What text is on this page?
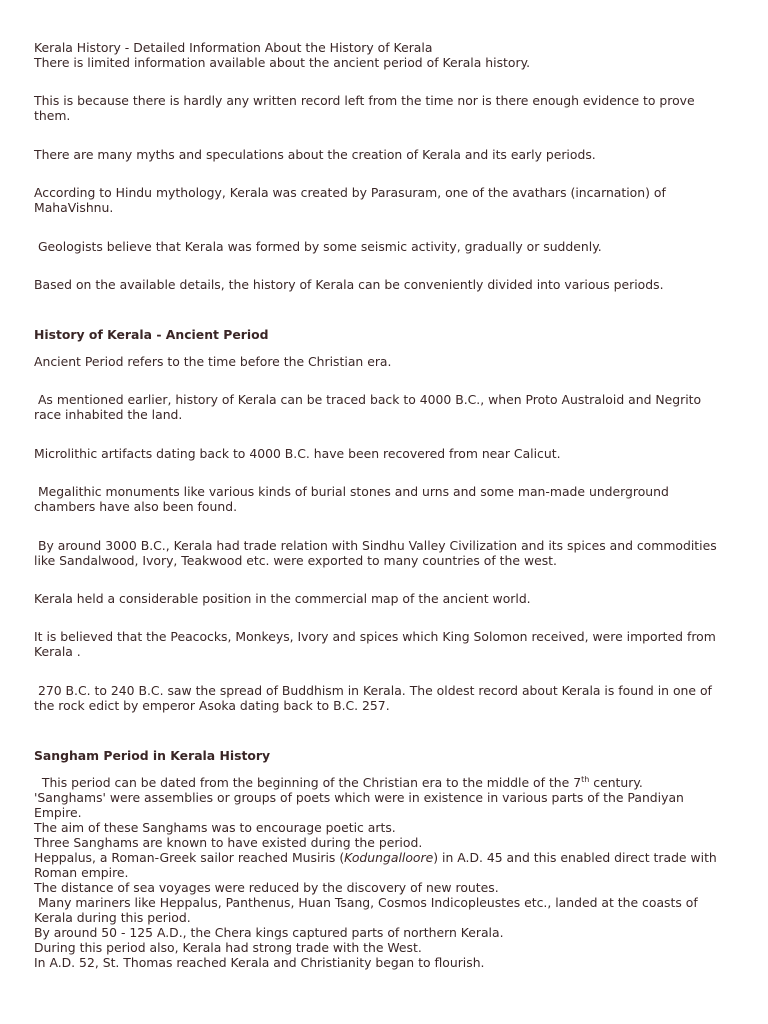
Kerala History - Detailed Information About the History of Kerala

There is limited information available about the ancient period of Kerala history.

This is because there is hardly any written record left from the time nor is there enough evidence to prove them.

There are many myths and speculations about the creation of Kerala and its early periods.

According to Hindu mythology, Kerala was created by Parasuram, one of the avathars (incarnation) of MahaVishnu.

Geologists believe that Kerala was formed by some seismic activity, gradually or suddenly.

Based on the available details, the history of Kerala can be conveniently divided into various periods.

History of Kerala - Ancient Period

Ancient Period refers to the time before the Christian era.

As mentioned earlier, history of Kerala can be traced back to 4000 B.C., when Proto Australoid and Negrito race inhabited the land.

Microlithic artifacts dating back to 4000 B.C. have been recovered from near Calicut.

Megalithic monuments like various kinds of burial stones and urns and some man-made underground chambers have also been found.

By around 3000 B.C., Kerala had trade relation with Sindhu Valley Civilization and its spices and commodities like Sandalwood, Ivory, Teakwood etc. were exported to many countries of the west.

Kerala held a considerable position in the commercial map of the ancient world.

It is believed that the Peacocks, Monkeys, Ivory and spices which King Solomon received, were imported from Kerala .

270 B.C. to 240 B.C. saw the spread of Buddhism in Kerala. The oldest record about Kerala is found in one of the rock edict by emperor Asoka dating back to B.C. 257.

Sangham Period in Kerala History

This period can be dated from the beginning of the Christian era to the middle of the 7th century.

'Sanghams' were assemblies or groups of poets which were in existence in various parts of the Pandiyan Empire.

The aim of these Sanghams was to encourage poetic arts.

Three Sanghams are known to have existed during the period.

Heppalus, a Roman-Greek sailor reached Musiris (Kodungalloore) in A.D. 45 and this enabled direct trade with Roman empire.

The distance of sea voyages were reduced by the discovery of new routes.

Many mariners like Heppalus, Panthenus, Huan Tsang, Cosmos Indicopleustes etc., landed at the coasts of Kerala during this period.

By around 50 - 125 A.D., the Chera kings captured parts of northern Kerala.

During this period also, Kerala had strong trade with the West.

In A.D. 52, St. Thomas reached Kerala and Christianity began to flourish.
